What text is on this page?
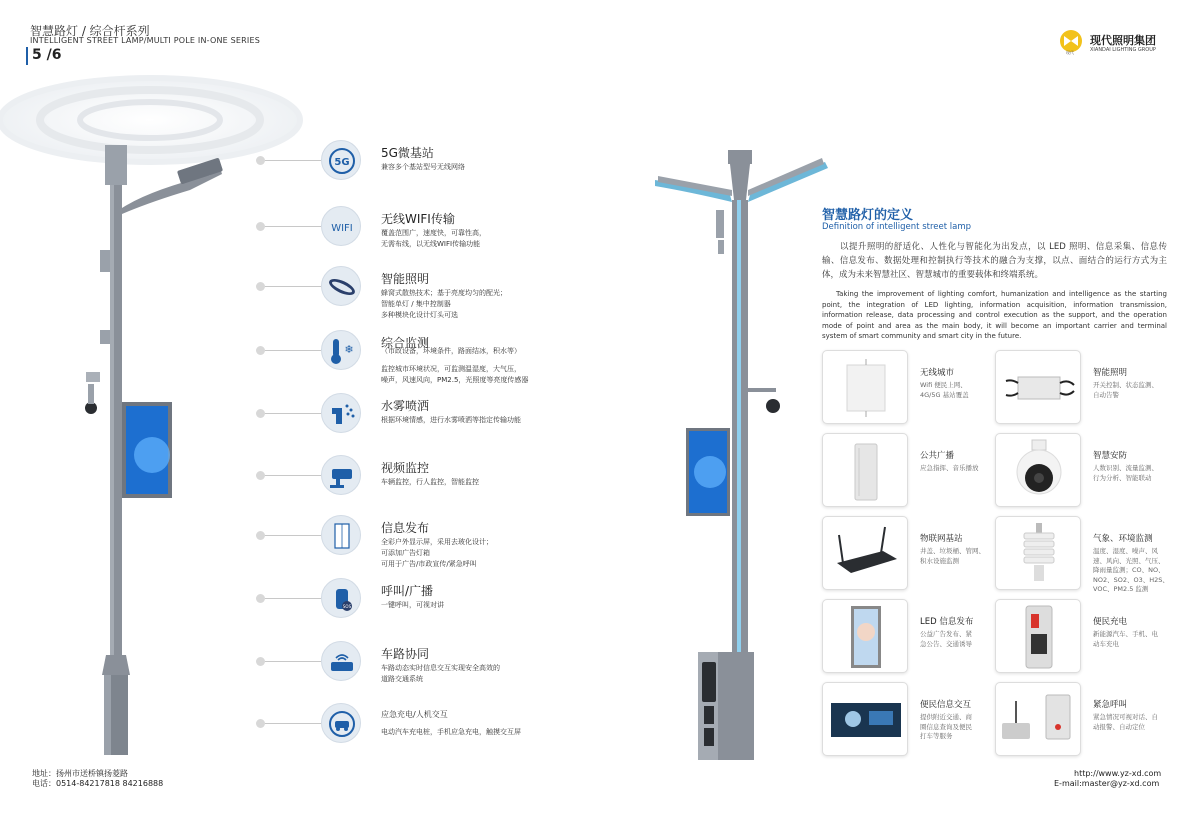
智慧路灯 / 综合杆系列
INTELLIGENT STREET LAMP/MULTI POLE IN-ONE SERIES
5 /6	现代
现代照明集团
XIANDAI LIGHTING GROUP
5G
5G微基站
兼容多个基站型号无线网络
WIFI
无线WIFI传输
覆盖范围广，速度快，可靠性高，
无需布线，以无线WIFI传输功能
智能照明
蜂窝式散热技术；基于亮度均匀的配光；
智能单灯 / 集中控制器
多种模块化设计灯头可选
❄ 综合监测
（市政设备，环境条件，路面结冰，积水等）
监控城市环境状况，可监测温湿度，大气压，
噪声，风速风向，PM2.5，光照度等亮度传感器
水雾喷洒
根据环境情感，进行水雾喷洒等指定传输功能
视频监控
车辆监控，行人监控，智能监控
信息发布
全彩户外显示屏，采用去玻化设计；
可添加广告灯箱
可用于广告/市政宣传/紧急呼叫
SOS
呼叫/广播
一键呼叫，可视对讲
车路协同
车路动态实时信息交互实现安全高效的
道路交通系统
应急充电/人机交互
电动汽车充电桩，手机应急充电，触摸交互屏
智慧路灯的定义
Definition of intelligent street lamp
以提升照明的舒适化、人性化与智能化为出发点，以 LED 照明、信息采集、信息传输、信息发布、数据处理和控制执行等技术的融合为支撑，以点、面结合的运行方式为主体，成为未来智慧社区、智慧城市的重要载体和终端系统。
Taking the improvement of lighting comfort, humanization and intelligence as the starting point, the integration of LED lighting, information acquisition, information transmission, information release, data processing and control execution as the support, and the operation mode of point and area as the main body, it will become an important carrier and terminal system of smart community and smart city in the future.
无线城市
Wifi 便民上网、
4G/5G 基站覆盖
智能照明
开关控制、状态监测、
自动告警
公共广播
应急指挥、音乐播放
智慧安防
人数识别、流量监测、
行为分析、智能联动
物联网基站
井盖、垃圾桶、管网、
积水设施监测
气象、环境监测
温度、湿度、噪声、风
速、风向、光照、气压、
降雨量监测；CO、NO、
NO2、SO2、O3、H2S、
VOC、PM2.5 监测
LED 信息发布
公益广告发布、紧
急公告、交通诱导
便民充电
新能源汽车、手机、电
动车充电
便民信息交互
提供附近交通、商
圈信息查询及便民
打车等服务
紧急呼叫
紧急情况可视对话、自
动报警、自动定位
地址：扬州市送桥镇扬菱路
电话：0514-84217818 84216888
http://www.yz-xd.com
E-mail:master@yz-xd.com
